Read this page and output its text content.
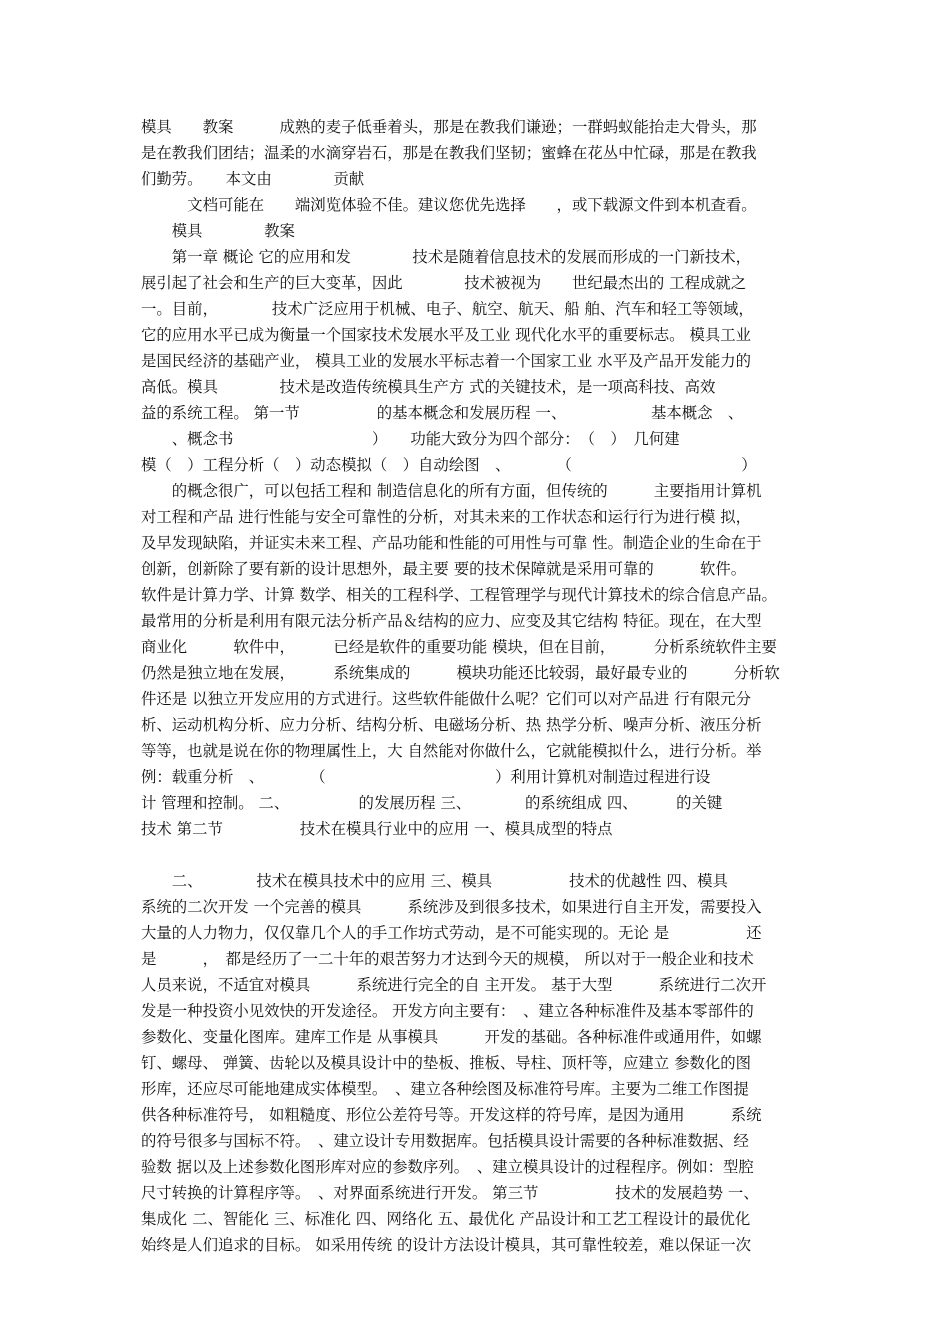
模具　　教案　　　成熟的麦子低垂着头，那是在教我们谦逊；一群蚂蚁能抬走大骨头，那
是在教我们团结；温柔的水滴穿岩石，那是在教我们坚韧；蜜蜂在花丛中忙碌，那是在教我
们勤劳。　　本文由　　　　贡献
　　　文档可能在　　端浏览体验不佳。建议您优先选择　　，或下载源文件到本机查看。
　　模具　　　　教案
　　第一章 概论 它的应用和发　　　　技术是随着信息技术的发展而形成的一门新技术，
展引起了社会和生产的巨大变革，因此　　　　技术被视为　　世纪最杰出的 工程成就之
一。目前，　　　　技术广泛应用于机械、电子、航空、航天、船 舶、汽车和轻工等领域，
它的应用水平已成为衡量一个国家技术发展水平及工业 现代化水平的重要标志。 模具工业
是国民经济的基础产业， 模具工业的发展水平标志着一个国家工业 水平及产品开发能力的
高低。模具　　　　技术是改造传统模具生产方 式的关键技术，是一项高科技、高效
益的系统工程。 第一节　　　　　的基本概念和发展历程 一、　　　　　　基本概念　、
　　、概念书　　　　　　　　　）　　功能大致分为四个部分：　（　）　几何建
模（　）工程分析（　）动态模拟（　）自动绘图　、　　　　（　　　　　　　　　　　）
　　的概念很广，可以包括工程和 制造信息化的所有方面，但传统的　　　主要指用计算机
对工程和产品 进行性能与安全可靠性的分析，对其未来的工作状态和运行行为进行模 拟，
及早发现缺陷，并证实未来工程、产品功能和性能的可用性与可靠 性。制造企业的生命在于
创新，创新除了要有新的设计思想外，最主要 要的技术保障就是采用可靠的　　　软件。
软件是计算力学、计算 数学、相关的工程科学、工程管理学与现代计算技术的综合信息产品。
最常用的分析是利用有限元法分析产品＆结构的应力、应变及其它结构 特征。现在，在大型
商业化　　　软件中，　　　已经是软件的重要功能 模块，但在目前，　　　分析系统软件主要
仍然是独立地在发展，　　　系统集成的　　　模块功能还比较弱，最好最专业的　　　分析软
件还是 以独立开发应用的方式进行。这些软件能做什么呢？它们可以对产品进 行有限元分
析、运动机构分析、应力分析、结构分析、电磁场分析、热 热学分析、噪声分析、液压分析
等等，也就是说在你的物理属性上，大 自然能对你做什么，它就能模拟什么，进行分析。举
例：载重分析　、　　　　（　　　　　　　　　　　）利用计算机对制造过程进行设
计 管理和控制。 二、　　　　　的发展历程 三、　　　　的系统组成 四、　　　的关键
技术 第二节　　　　　技术在模具行业中的应用 一、模具成型的特点
　　二、　　　　技术在模具技术中的应用 三、模具　　　　　技术的优越性 四、模具
系统的二次开发 一个完善的模具　　　系统涉及到很多技术，如果进行自主开发，需要投入
大量的人力物力，仅仅靠几个人的手工作坊式劳动，是不可能实现的。无论 是　　　　　还
是　　　，　都是经历了一二十年的艰苦努力才达到今天的规模， 所以对于一般企业和技术
人员来说，不适宜对模具　　　系统进行完全的自 主开发。 基于大型　　　系统进行二次开
发是一种投资小见效快的开发途径。 开发方向主要有：　、建立各种标准件及基本零部件的
参数化、变量化图库。建库工作是 从事模具　　　开发的基础。各种标准件或通用件，如螺
钉、螺母、 弹簧、齿轮以及模具设计中的垫板、推板、导柱、顶杆等，应建立 参数化的图
形库，还应尽可能地建成实体模型。　、建立各种绘图及标准符号库。主要为二维工作图提
供各种标准符号， 如粗糙度、形位公差符号等。开发这样的符号库，是因为通用　　　系统
的符号很多与国标不符。　、建立设计专用数据库。包括模具设计需要的各种标准数据、经
验数 据以及上述参数化图形库对应的参数序列。　、建立模具设计的过程程序。例如：型腔
尺寸转换的计算程序等。　、对界面系统进行开发。 第三节　　　　　技术的发展趋势 一、
集成化 二、智能化 三、标准化 四、网络化 五、最优化 产品设计和工艺工程设计的最优化
始终是人们追求的目标。 如采用传统 的设计方法设计模具，其可靠性较差，难以保证一次
